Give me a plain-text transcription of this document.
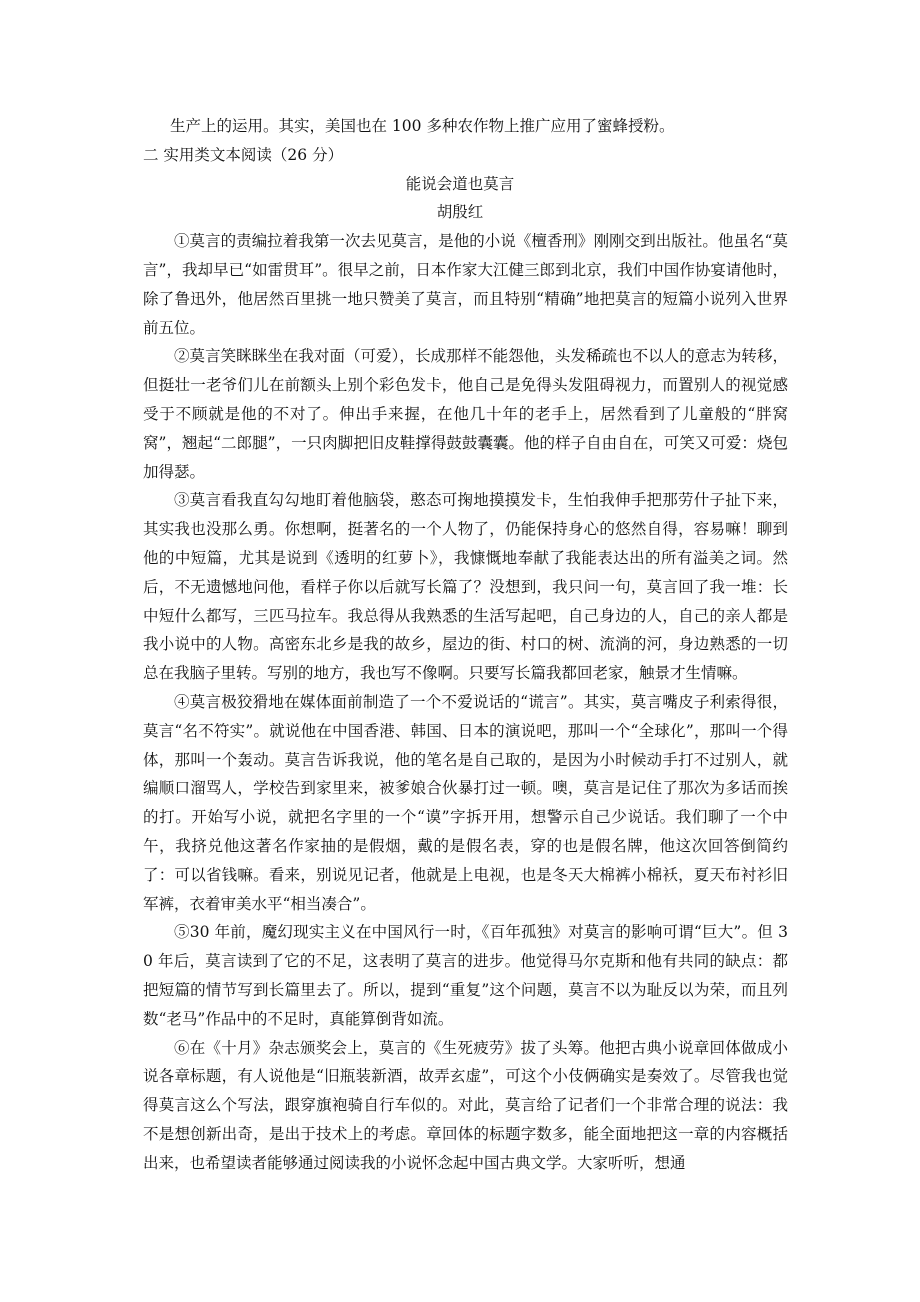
生产上的运用。其实，美国也在 100 多种农作物上推广应用了蜜蜂授粉。

二 实用类文本阅读（26 分）

能说会道也莫言

胡殷红

①莫言的责编拉着我第一次去见莫言，是他的小说《檀香刑》刚刚交到出版社。他虽名“莫言”，我却早已“如雷贯耳”。很早之前，日本作家大江健三郎到北京，我们中国作协宴请他时，除了鲁迅外，他居然百里挑一地只赞美了莫言，而且特别“精确”地把莫言的短篇小说列入世界前五位。

②莫言笑眯眯坐在我对面（可爱），长成那样不能怨他，头发稀疏也不以人的意志为转移，但挺壮一老爷们儿在前额头上别个彩色发卡，他自己是免得头发阻碍视力，而置别人的视觉感受于不顾就是他的不对了。伸出手来握，在他几十年的老手上，居然看到了儿童般的“胖窝窝”，翘起“二郎腿”，一只肉脚把旧皮鞋撑得鼓鼓囊囊。他的样子自由自在，可笑又可爱：烧包加得瑟。

③莫言看我直勾勾地盯着他脑袋，憨态可掬地摸摸发卡，生怕我伸手把那劳什子扯下来，其实我也没那么勇。你想啊，挺著名的一个人物了，仍能保持身心的悠然自得，容易嘛！聊到他的中短篇，尤其是说到《透明的红萝卜》，我慷慨地奉献了我能表达出的所有溢美之词。然后，不无遗憾地问他，看样子你以后就写长篇了？没想到，我只问一句，莫言回了我一堆：长中短什么都写，三匹马拉车。我总得从我熟悉的生活写起吧，自己身边的人，自己的亲人都是我小说中的人物。高密东北乡是我的故乡，屋边的街、村口的树、流淌的河，身边熟悉的一切总在我脑子里转。写别的地方，我也写不像啊。只要写长篇我都回老家，触景才生情嘛。

④莫言极狡猾地在媒体面前制造了一个不爱说话的“谎言”。其实，莫言嘴皮子利索得很，莫言“名不符实”。就说他在中国香港、韩国、日本的演说吧，那叫一个“全球化”，那叫一个得体，那叫一个轰动。莫言告诉我说，他的笔名是自己取的，是因为小时候动手打不过别人，就编顺口溜骂人，学校告到家里来，被爹娘合伙暴打过一顿。噢，莫言是记住了那次为多话而挨的打。开始写小说，就把名字里的一个“谟”字拆开用，想警示自己少说话。我们聊了一个中午，我挤兑他这著名作家抽的是假烟，戴的是假名表，穿的也是假名牌，他这次回答倒简约了：可以省钱嘛。看来，别说见记者，他就是上电视，也是冬天大棉裤小棉袄，夏天布衬衫旧军裤，衣着审美水平“相当凑合”。

⑤30 年前，魔幻现实主义在中国风行一时，《百年孤独》对莫言的影响可谓“巨大”。但 30 年后，莫言读到了它的不足，这表明了莫言的进步。他觉得马尔克斯和他有共同的缺点：都把短篇的情节写到长篇里去了。所以，提到“重复”这个问题，莫言不以为耻反以为荣，而且列数“老马”作品中的不足时，真能算倒背如流。

⑥在《十月》杂志颁奖会上，莫言的《生死疲劳》拔了头筹。他把古典小说章回体做成小说各章标题，有人说他是“旧瓶装新酒，故弄玄虚”，可这个小伎俩确实是奏效了。尽管我也觉得莫言这么个写法，跟穿旗袍骑自行车似的。对此，莫言给了记者们一个非常合理的说法：我不是想创新出奇，是出于技术上的考虑。章回体的标题字数多，能全面地把这一章的内容概括出来，也希望读者能够通过阅读我的小说怀念起中国古典文学。大家听听，想通
